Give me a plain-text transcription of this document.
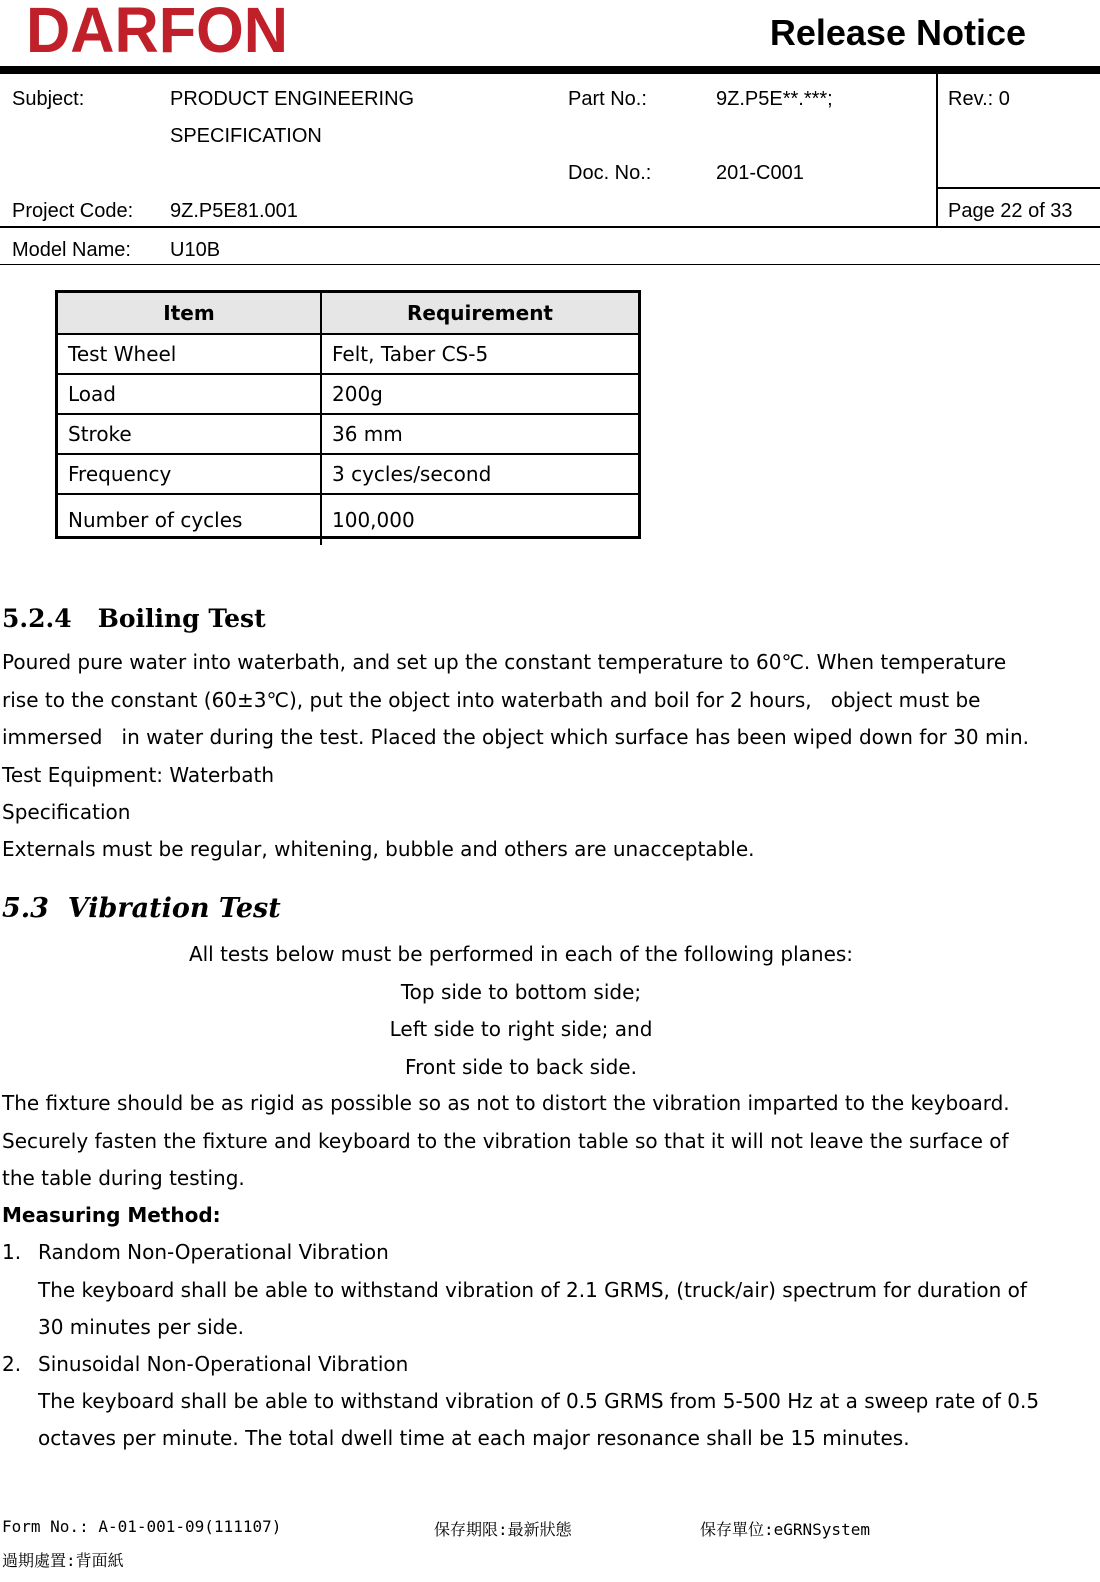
DARFON	Release Notice
Subject:	PRODUCT ENGINEERING
SPECIFICATION
Part No.:	9Z.P5E**.***;	Rev.: 0
Doc. No.:	201-C001
Project Code: 9Z.P5E81.001	Page 22 of 33
Model Name: U10B
Item	Requirement
Test Wheel	Felt, Taber CS-5
Load	200g
Stroke	36 mm
Frequency	3 cycles/second
Number of cycles	100,000
5.2.4   Boiling Test
Poured pure water into waterbath, and set up the constant temperature to 60℃. When temperature
rise to the constant (60±3℃), put the object into waterbath and boil for 2 hours,   object must be
immersed   in water during the test. Placed the object which surface has been wiped down for 30 min.
Test Equipment: Waterbath
Specification
Externals must be regular, whitening, bubble and others are unacceptable.
5.3  Vibration Test
All tests below must be performed in each of the following planes:
Top side to bottom side;
Left side to right side; and
Front side to back side.
The fixture should be as rigid as possible so as not to distort the vibration imparted to the keyboard.
Securely fasten the fixture and keyboard to the vibration table so that it will not leave the surface of
the table during testing.
Measuring Method:
1. Random Non-Operational Vibration
The keyboard shall be able to withstand vibration of 2.1 GRMS, (truck/air) spectrum for duration of
30 minutes per side.
2. Sinusoidal Non-Operational Vibration
The keyboard shall be able to withstand vibration of 0.5 GRMS from 5-500 Hz at a sweep rate of 0.5
octaves per minute. The total dwell time at each major resonance shall be 15 minutes.
Form No.: A-01-001-09(111107)	保存期限:最新狀態	保存單位:eGRNSystem
過期處置:背面紙
